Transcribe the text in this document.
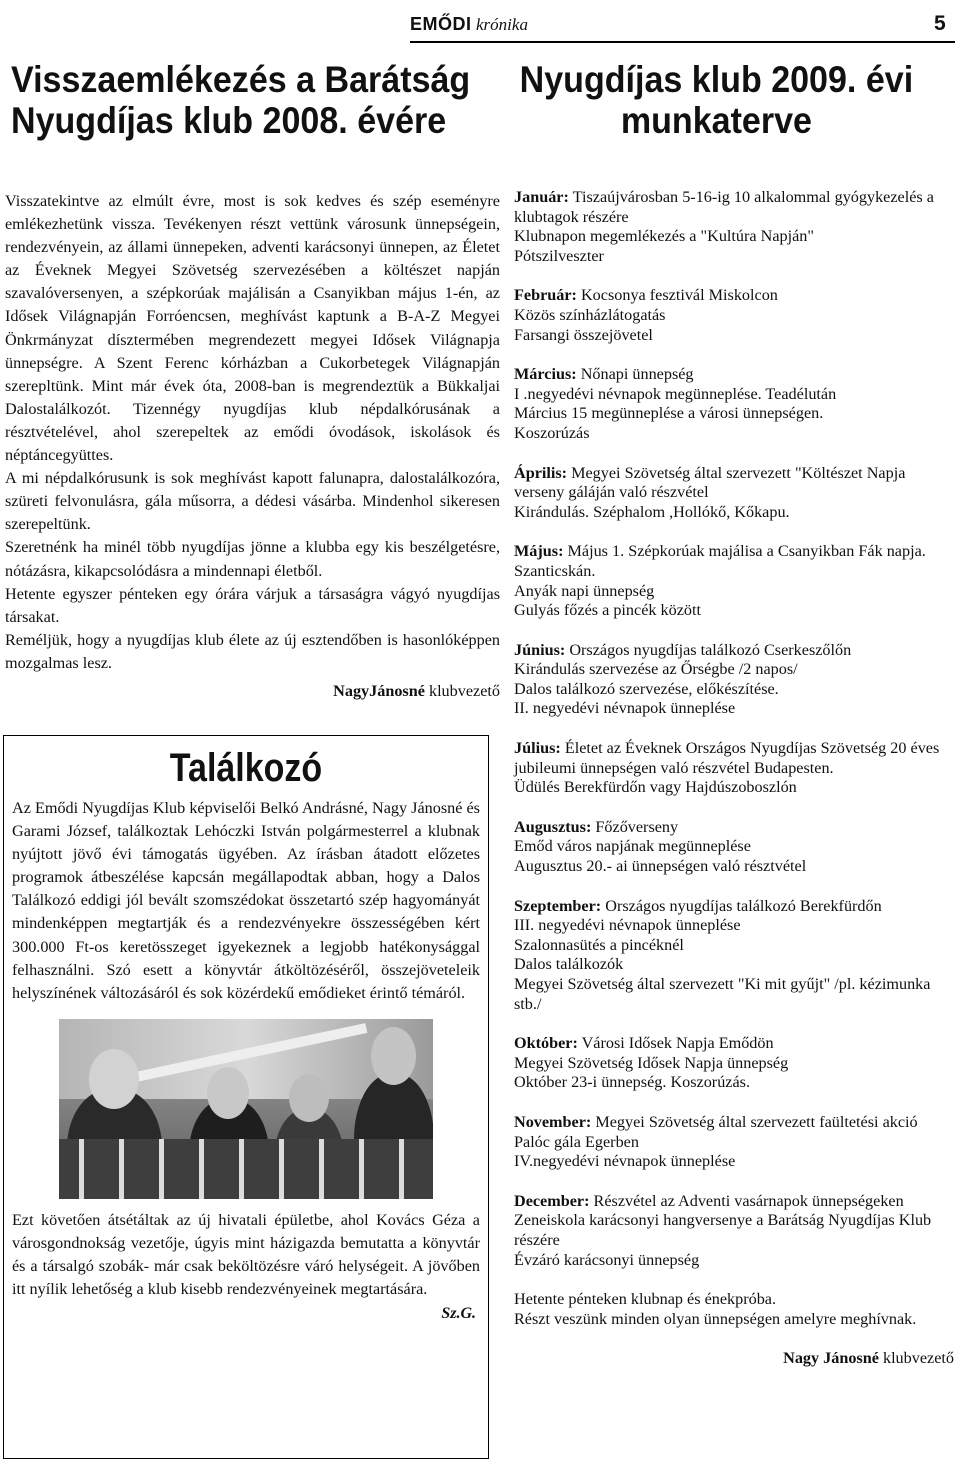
EMŐDI krónika	5
Visszaemlékezés a Barátság
Nyugdíjas klub 2008. évére

Visszatekintve az elmúlt évre, most is sok kedves és szép eseményre emlékezhetünk vissza. Tevékenyen részt vettünk városunk ünnepségein, rendezvényein, az állami ünnepeken, adventi karácsonyi ünnepen, az Életet az Éveknek Megyei Szövetség szervezésében a költészet napján szavalóversenyen, a szépkorúak majálisán a Csanyikban május 1-én, az Idősek Világnapján Forróencsen, meghívást kaptunk a B-A-Z Megyei Önkrmányzat dísztermében megrendezett megyei Idősek Világnapja ünnepségre. A Szent Ferenc kórházban a Cukorbetegek Világnapján szerepltünk. Mint már évek óta, 2008-ban is megrendeztük a Bükkaljai Dalostalálkozót. Tizennégy nyugdíjas klub népdalkórusának a résztvételével, ahol szerepeltek az emődi óvodások, iskolások és néptáncegyüttes.

A mi népdalkórusunk is sok meghívást kapott falunapra, dalostalálkozóra, szüreti felvonulásra, gála műsorra, a dédesi vásárba. Mindenhol sikeresen szerepeltünk.

Szeretnénk ha minél több nyugdíjas jönne a klubba egy kis beszélgetésre, nótázásra, kikapcsolódásra a mindennapi életből.

Hetente egyszer pénteken egy órára várjuk a társaságra vágyó nyugdíjas társakat.

Reméljük, hogy a nyugdíjas klub élete az új esztendőben is hasonlóképpen mozgalmas lesz.

NagyJánosné klubvezető
Találkozó

Az Emődi Nyugdíjas Klub képviselői Belkó Andrásné, Nagy Jánosné és Garami József, találkoztak Lehóczki István polgármesterrel a klubnak nyújtott jövő évi támogatás ügyében. Az írásban átadott előzetes programok átbeszélése kapcsán megállapodtak abban, hogy a Dalos Találkozó eddigi jól bevált szomszédokat összetartó szép hagyományát mindenképpen megtartják és a rendezvényekre összességében kért 300.000 Ft-os keretösszeget igyekeznek a legjobb hatékonysággal felhasználni. Szó esett a könyvtár átköltözéséről, összejöveteleik helyszínének változásáról és sok közérdekű emődieket érintő témáról.

Ezt követően átsétáltak az új hivatali épületbe, ahol Kovács Géza a városgondnokság vezetője, úgyis mint házigazda bemutatta a könyvtár és a társalgó szobák- már csak beköltözésre váró helységeit. A jövőben itt nyílik lehetőség a klub kisebb rendezvényeinek megtartására.

Sz.G.
Nyugdíjas klub 2009. évi
munkaterve

Január: Tiszaújvárosban 5-16-ig 10 alkalommal gyógykezelés a klubtagok részére

Klubnapon megemlékezés a "Kultúra Napján"

Pótszilveszter

Február: Kocsonya fesztivál Miskolcon

Közös színházlátogatás

Farsangi összejövetel

Március: Nőnapi ünnepség

I .negyedévi névnapok megünneplése. Teadélután

Március 15 megünneplése a városi ünnepségen.

Koszorúzás

Április: Megyei Szövetség által szervezett "Költészet Napja verseny gáláján való részvétel

Kirándulás. Széphalom ,Hollókő, Kőkapu.

Május: Május 1. Szépkorúak majálisa a Csanyikban Fák napja. Szanticskán.

Anyák napi ünnepség

Gulyás főzés a pincék között

Június: Országos nyugdíjas találkozó Cserkeszőlőn

Kirándulás szervezése az Őrségbe /2 napos/

Dalos találkozó szervezése, előkészítése.

II. negyedévi névnapok ünneplése

Július: Életet az Éveknek Országos Nyugdíjas Szövetség 20 éves jubileumi ünnepségen való részvétel Budapesten.

Üdülés Berekfürdőn vagy Hajdúszoboszlón

Augusztus: Főzőverseny

Emőd város napjának megünneplése

Augusztus 20.- ai ünnepségen való résztvétel

Szeptember: Országos nyugdíjas találkozó Berekfürdőn

III. negyedévi névnapok ünneplése

Szalonnasütés a pincéknél

Dalos találkozók

Megyei Szövetség által szervezett "Ki mit gyűjt" /pl. kézimunka stb./

Október: Városi Idősek Napja Emődön

Megyei Szövetség Idősek Napja ünnepség

Október 23-i ünnepség. Koszorúzás.

November: Megyei Szövetség által szervezett faültetési akció

Palóc gála Egerben

IV.negyedévi névnapok ünneplése

December: Részvétel az Adventi vasárnapok ünnepségeken

Zeneiskola karácsonyi hangversenye a Barátság Nyugdíjas Klub részére

Évzáró karácsonyi ünnepség

Hetente pénteken klubnap és énekpróba.

Részt veszünk minden olyan ünnepségen amelyre meghívnak.

Nagy Jánosné klubvezető
